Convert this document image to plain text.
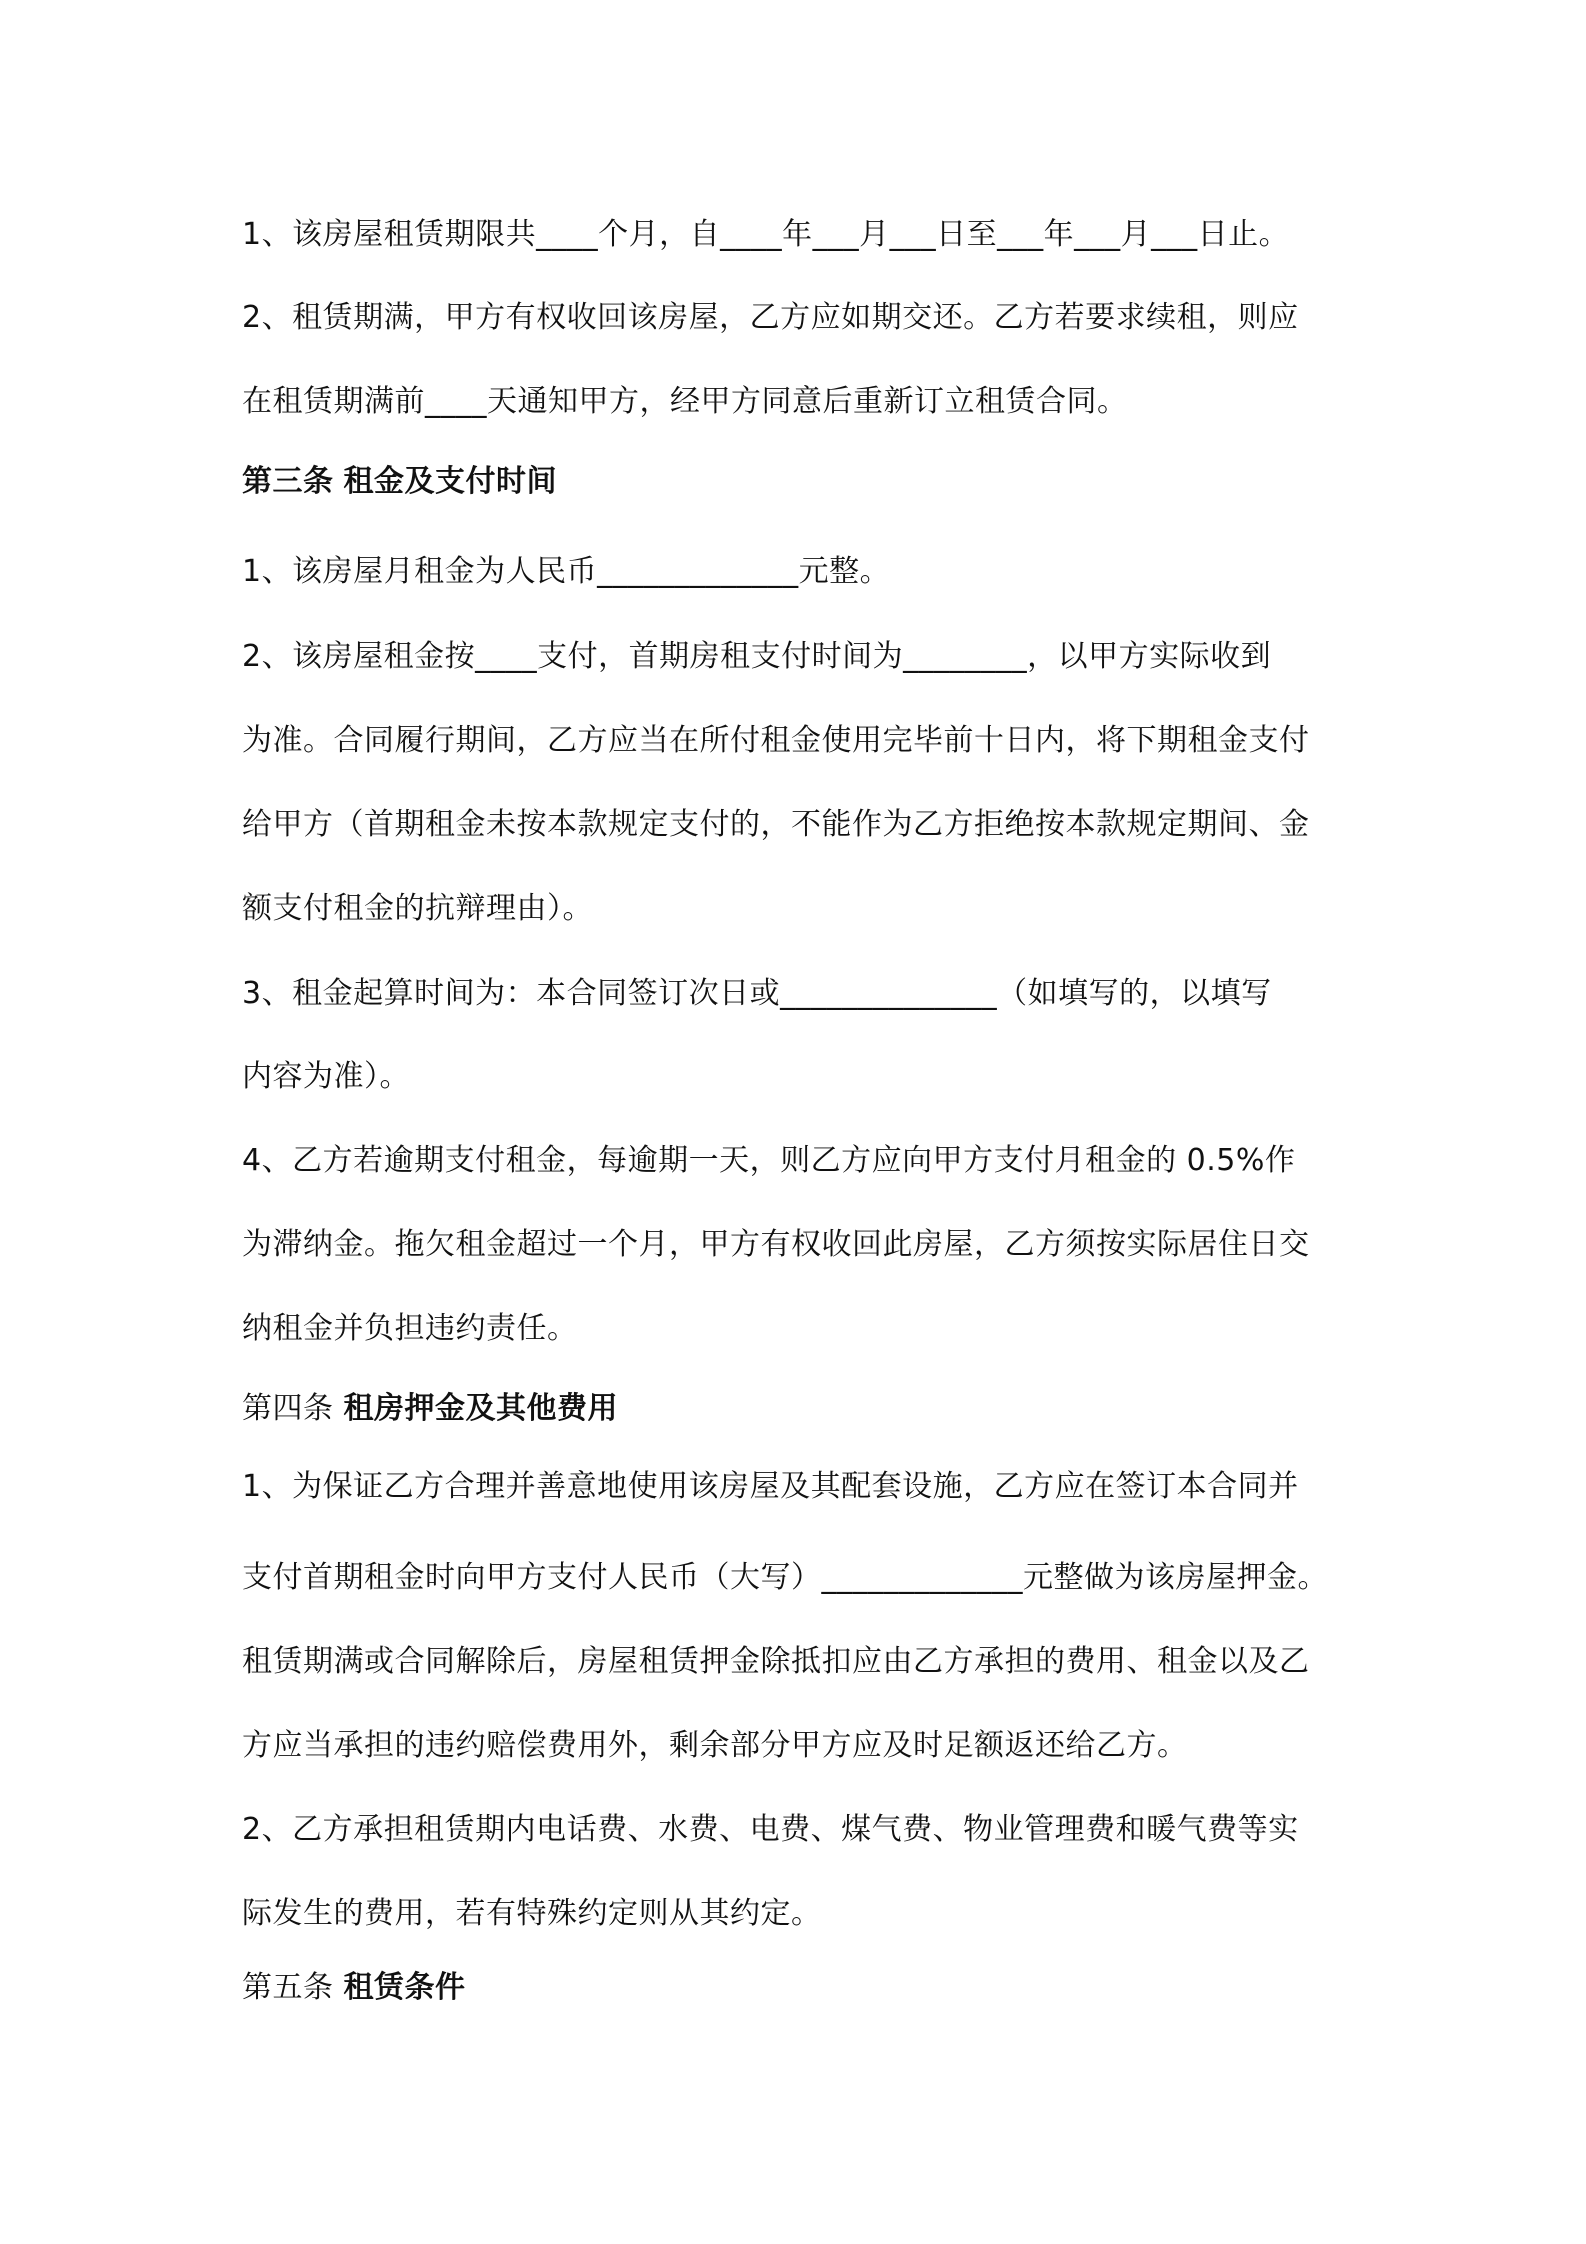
1、该房屋租赁期限共____个月，自____年___月___日至___年___月___日止。
2、租赁期满，甲方有权收回该房屋，乙方应如期交还。乙方若要求续租，则应
在租赁期满前____天通知甲方，经甲方同意后重新订立租赁合同。
第三条 租金及支付时间
1、该房屋月租金为人民币_____________元整。
2、该房屋租金按____支付，首期房租支付时间为________，以甲方实际收到
为准。合同履行期间，乙方应当在所付租金使用完毕前十日内，将下期租金支付
给甲方（首期租金未按本款规定支付的，不能作为乙方拒绝按本款规定期间、金
额支付租金的抗辩理由）。
3、租金起算时间为：本合同签订次日或______________（如填写的，以填写
内容为准）。
4、乙方若逾期支付租金，每逾期一天，则乙方应向甲方支付月租金的 0.5%作
为滞纳金。拖欠租金超过一个月，甲方有权收回此房屋，乙方须按实际居住日交
纳租金并负担违约责任。
第四条 租房押金及其他费用
1、为保证乙方合理并善意地使用该房屋及其配套设施，乙方应在签订本合同并
支付首期租金时向甲方支付人民币（大写）_____________元整做为该房屋押金。
租赁期满或合同解除后，房屋租赁押金除抵扣应由乙方承担的费用、租金以及乙
方应当承担的违约赔偿费用外，剩余部分甲方应及时足额返还给乙方。
2、乙方承担租赁期内电话费、水费、电费、煤气费、物业管理费和暖气费等实
际发生的费用，若有特殊约定则从其约定。
第五条 租赁条件
